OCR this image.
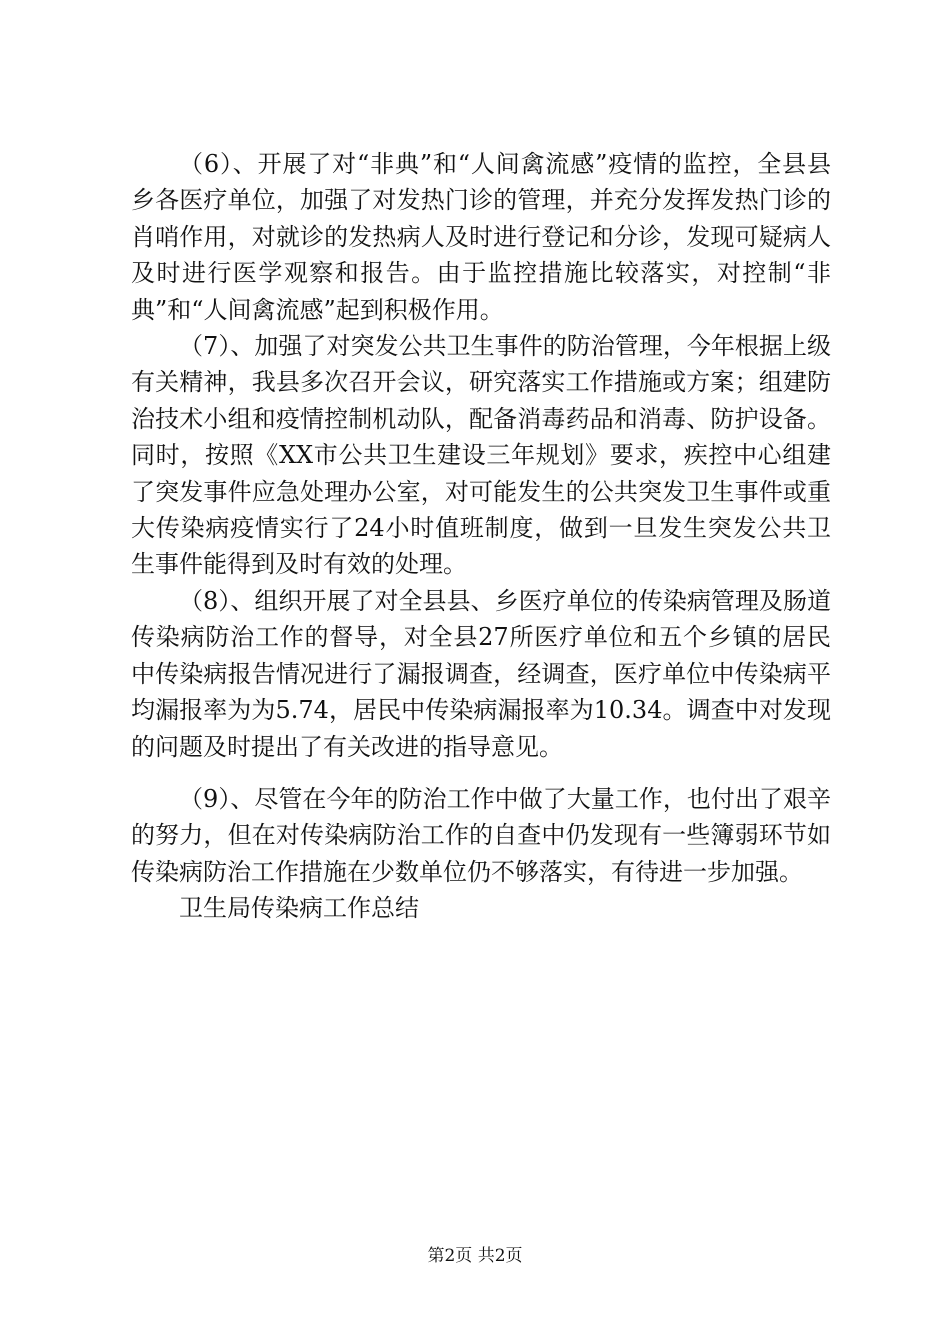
（6）、开展了对“非典”和“人间禽流感”疫情的监控，全县县乡各医疗单位，加强了对发热门诊的管理，并充分发挥发热门诊的肖哨作用，对就诊的发热病人及时进行登记和分诊，发现可疑病人及时进行医学观察和报告。由于监控措施比较落实，对控制“非典”和“人间禽流感”起到积极作用。

（7）、加强了对突发公共卫生事件的防治管理，今年根据上级有关精神，我县多次召开会议，研究落实工作措施或方案；组建防治技术小组和疫情控制机动队，配备消毒药品和消毒、防护设备。同时，按照《XX市公共卫生建设三年规划》要求，疾控中心组建了突发事件应急处理办公室，对可能发生的公共突发卫生事件或重大传染病疫情实行了24小时值班制度，做到一旦发生突发公共卫生事件能得到及时有效的处理。

（8）、组织开展了对全县县、乡医疗单位的传染病管理及肠道传染病防治工作的督导，对全县27所医疗单位和五个乡镇的居民中传染病报告情况进行了漏报调查，经调查，医疗单位中传染病平均漏报率为为5.74，居民中传染病漏报率为10.34。调查中对发现的问题及时提出了有关改进的指导意见。

（9）、尽管在今年的防治工作中做了大量工作，也付出了艰辛的努力，但在对传染病防治工作的自查中仍发现有一些簿弱环节如传染病防治工作措施在少数单位仍不够落实，有待进一步加强。

卫生局传染病工作总结

第2页 共2页
